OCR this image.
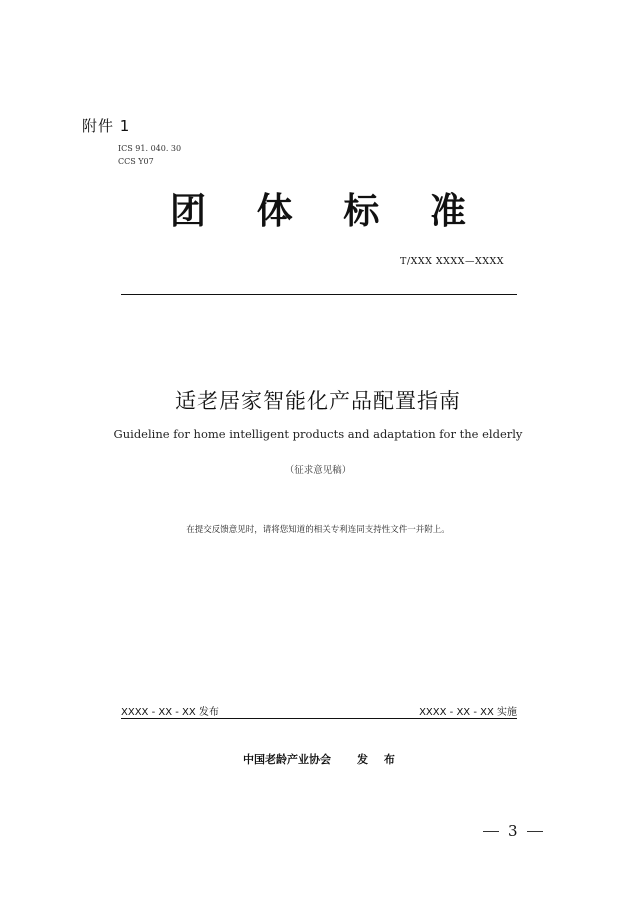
附件 1
ICS 91. 040. 30
CCS Y07
团 体 标 准
T/XXX XXXX—XXXX
适老居家智能化产品配置指南
Guideline for home intelligent products and adaptation for the elderly
（征求意见稿）
在提交反馈意见时，请将您知道的相关专利连同支持性文件一并附上。
XXXX - XX - XX 发布	XXXX - XX - XX 实施
中国老龄产业协会 发 布
3
